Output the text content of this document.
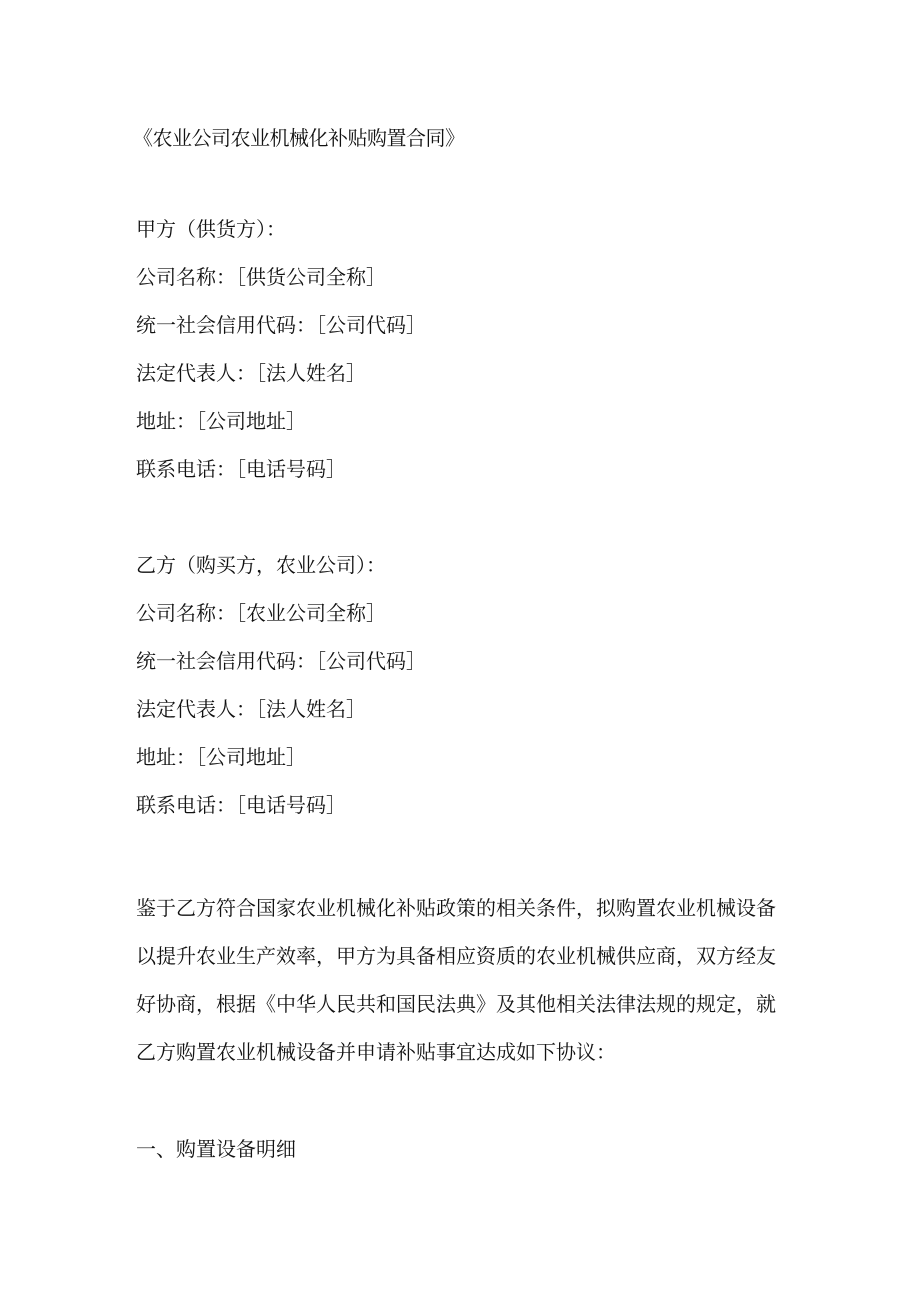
《农业公司农业机械化补贴购置合同》
甲方（供货方）：
公司名称：［供货公司全称］
统一社会信用代码：［公司代码］
法定代表人：［法人姓名］
地址：［公司地址］
联系电话：［电话号码］
乙方（购买方，农业公司）：
公司名称：［农业公司全称］
统一社会信用代码：［公司代码］
法定代表人：［法人姓名］
地址：［公司地址］
联系电话：［电话号码］
鉴于乙方符合国家农业机械化补贴政策的相关条件，拟购置农业机械设备
以提升农业生产效率，甲方为具备相应资质的农业机械供应商，双方经友
好协商，根据《中华人民共和国民法典》及其他相关法律法规的规定，就
乙方购置农业机械设备并申请补贴事宜达成如下协议：
一、购置设备明细
